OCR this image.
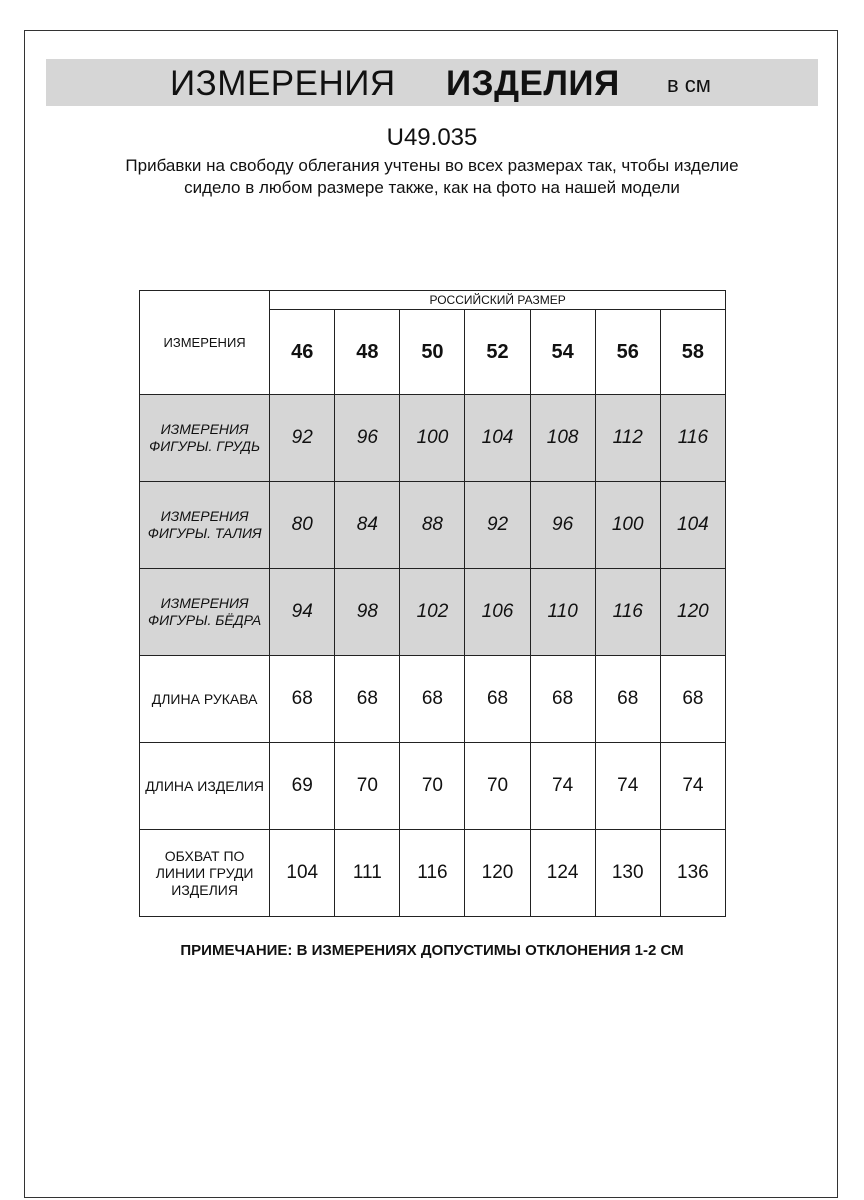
ИЗМЕРЕНИЯ ИЗДЕЛИЯ в см
U49.035
Прибавки на свободу облегания учтены во всех размерах так, чтобы изделие сидело в любом размере также, как на фото на нашей модели
ИЗМЕРЕНИЯ	РОССИЙСКИЙ РАЗМЕР						
	46	48	50	52	54	56	58
ИЗМЕРЕНИЯ ФИГУРЫ. ГРУДЬ	92	96	100	104	108	112	116
ИЗМЕРЕНИЯ ФИГУРЫ. ТАЛИЯ	80	84	88	92	96	100	104
ИЗМЕРЕНИЯ ФИГУРЫ. БЁДРА	94	98	102	106	110	116	120
ДЛИНА РУКАВА	68	68	68	68	68	68	68
ДЛИНА ИЗДЕЛИЯ	69	70	70	70	74	74	74
ОБХВАТ ПО ЛИНИИ ГРУДИ ИЗДЕЛИЯ	104	111	116	120	124	130	136
ПРИМЕЧАНИЕ: В ИЗМЕРЕНИЯХ ДОПУСТИМЫ ОТКЛОНЕНИЯ 1-2 СМ
